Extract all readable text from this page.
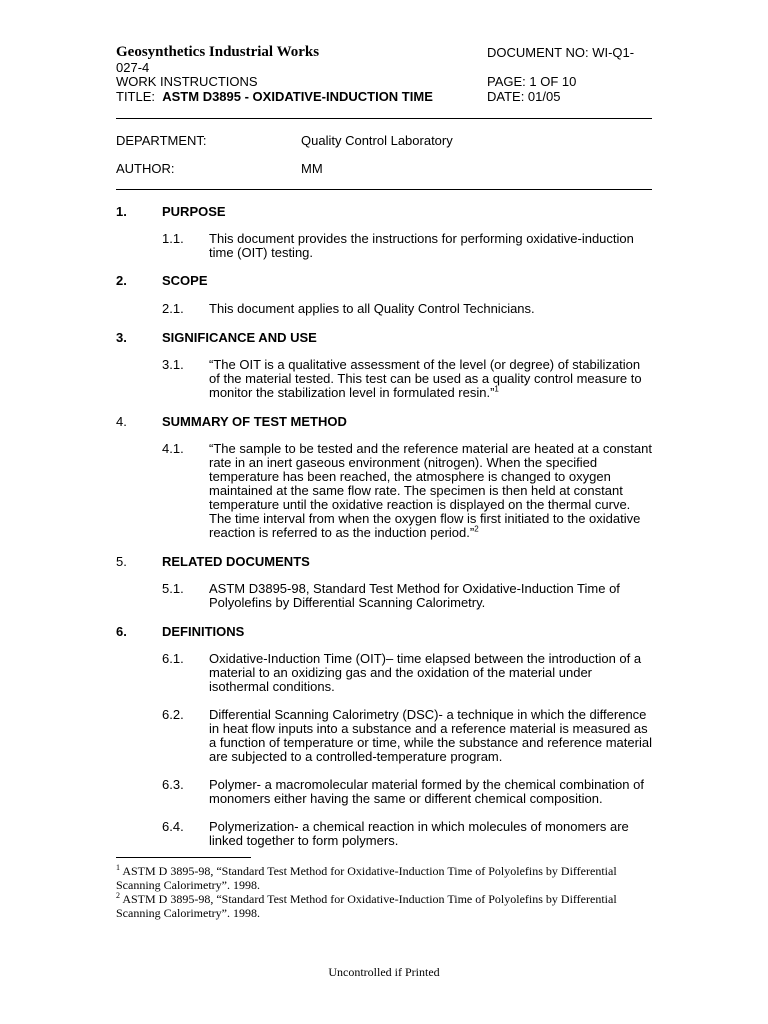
Geosynthetics Industrial Works	DOCUMENT NO: WI-Q1-
027-4
WORK INSTRUCTIONS	PAGE: 1 OF 10
TITLE: ASTM D3895 - OXIDATIVE-INDUCTION TIME	DATE: 01/05
DEPARTMENT:	Quality Control Laboratory
AUTHOR:	MM
1.	PURPOSE
1.1. This document provides the instructions for performing oxidative-induction time (OIT) testing.
2.	SCOPE
2.1. This document applies to all Quality Control Technicians.
3.	SIGNIFICANCE AND USE
3.1. “The OIT is a qualitative assessment of the level (or degree) of stabilization of the material tested. This test can be used as a quality control measure to monitor the stabilization level in formulated resin.”$^1$
4.	SUMMARY OF TEST METHOD
4.1. “The sample to be tested and the reference material are heated at a constant rate in an inert gaseous environment (nitrogen). When the specified temperature has been reached, the atmosphere is changed to oxygen maintained at the same flow rate. The specimen is then held at constant temperature until the oxidative reaction is displayed on the thermal curve. The time interval from when the oxygen flow is first initiated to the oxidative reaction is referred to as the induction period.”$^2$
5.	RELATED DOCUMENTS
5.1. ASTM D3895-98, Standard Test Method for Oxidative-Induction Time of Polyolefins by Differential Scanning Calorimetry.
6.	DEFINITIONS
6.1. Oxidative-Induction Time (OIT)– time elapsed between the introduction of a material to an oxidizing gas and the oxidation of the material under isothermal conditions.
6.2. Differential Scanning Calorimetry (DSC)- a technique in which the difference in heat flow inputs into a substance and a reference material is measured as a function of temperature or time, while the substance and reference material are subjected to a controlled-temperature program.
6.3. Polymer- a macromolecular material formed by the chemical combination of monomers either having the same or different chemical composition.
6.4. Polymerization- a chemical reaction in which molecules of monomers are linked together to form polymers.
$^1$ ASTM D 3895-98, “Standard Test Method for Oxidative-Induction Time of Polyolefins by Differential Scanning Calorimetry”. 1998.
$^2$ ASTM D 3895-98, “Standard Test Method for Oxidative-Induction Time of Polyolefins by Differential Scanning Calorimetry”. 1998.
Uncontrolled if Printed
